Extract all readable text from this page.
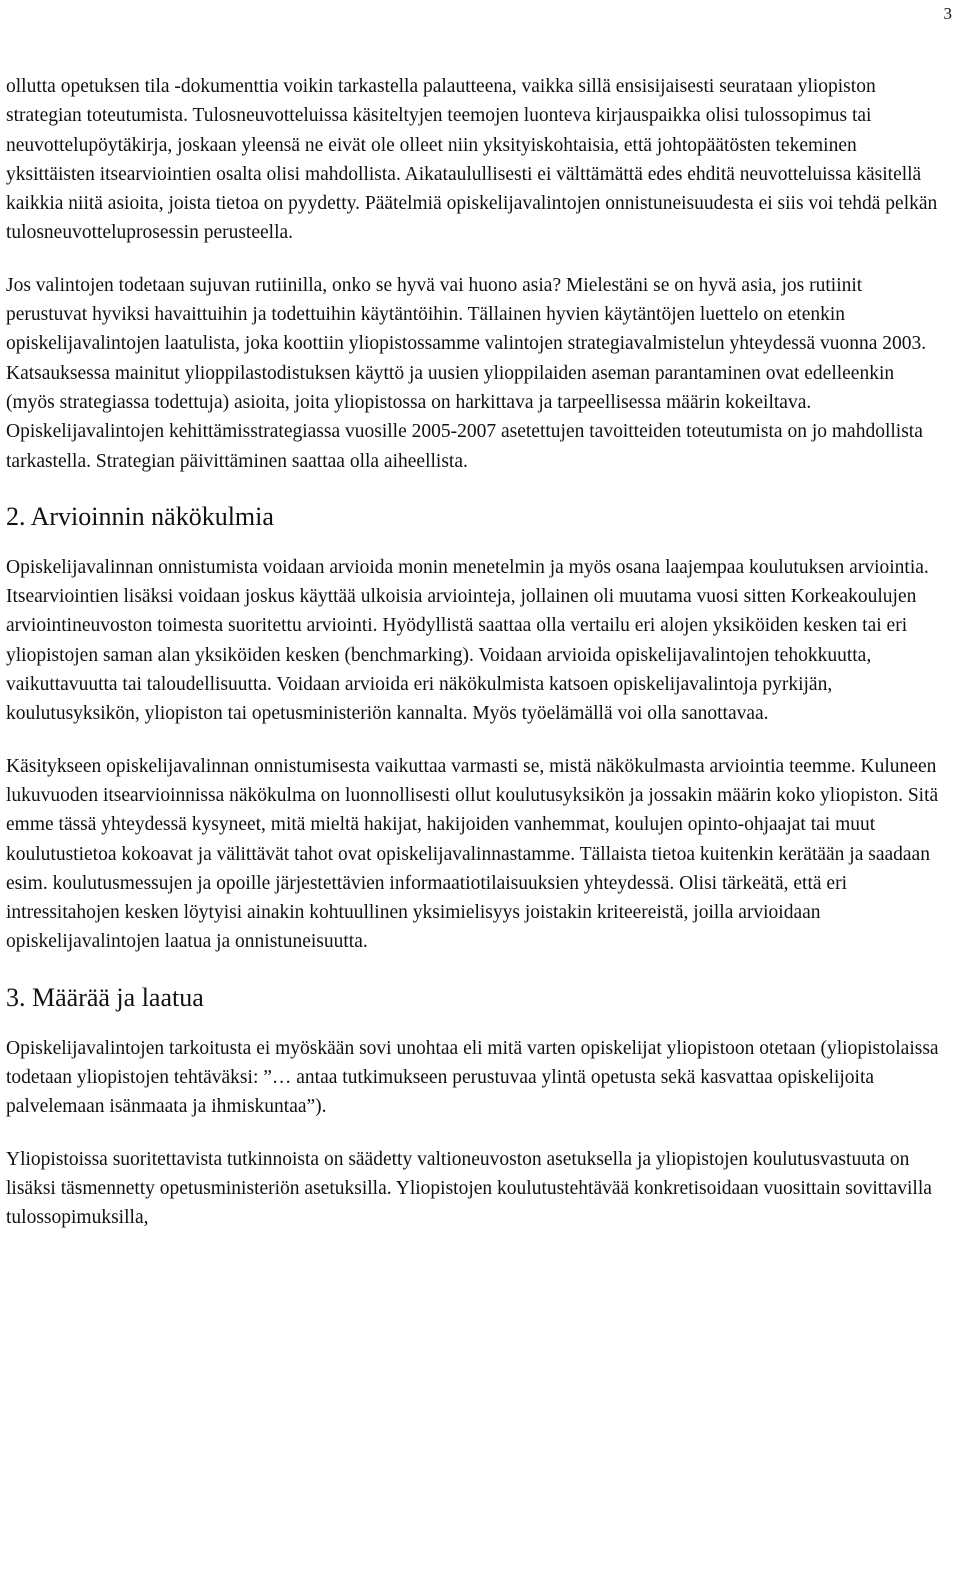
3

ollutta opetuksen tila -dokumenttia voikin tarkastella palautteena, vaikka sillä ensisijaisesti seurataan yliopiston strategian toteutumista. Tulosneuvotteluissa käsiteltyjen teemojen luonteva kirjauspaikka olisi tulossopimus tai neuvottelupöytäkirja, joskaan yleensä ne eivät ole olleet niin yksityiskohtaisia, että johtopäätösten tekeminen yksittäisten itsearviointien osalta olisi mahdollista. Aikataulullisesti ei välttämättä edes ehditä neuvotteluissa käsitellä kaikkia niitä asioita, joista tietoa on pyydetty. Päätelmiä opiskelijavalintojen onnistuneisuudesta ei siis voi tehdä pelkän tulosneuvotteluprosessin perusteella.

Jos valintojen todetaan sujuvan rutiinilla, onko se hyvä vai huono asia? Mielestäni se on hyvä asia, jos rutiinit perustuvat hyviksi havaittuihin ja todettuihin käytäntöihin. Tällainen hyvien käytäntöjen luettelo on etenkin opiskelijavalintojen laatulista, joka koottiin yliopistossamme valintojen strategiavalmistelun yhteydessä vuonna 2003. Katsauksessa mainitut ylioppilastodistuksen käyttö ja uusien ylioppilaiden aseman parantaminen ovat edelleenkin (myös strategiassa todettuja) asioita, joita yliopistossa on harkittava ja tarpeellisessa määrin kokeiltava. Opiskelijavalintojen kehittämisstrategiassa vuosille 2005-2007 asetettujen tavoitteiden toteutumista on jo mahdollista tarkastella. Strategian päivittäminen saattaa olla aiheellista.

2. Arvioinnin näkökulmia

Opiskelijavalinnan onnistumista voidaan arvioida monin menetelmin ja myös osana laajempaa koulutuksen arviointia. Itsearviointien lisäksi voidaan joskus käyttää ulkoisia arviointeja, jollainen oli muutama vuosi sitten Korkeakoulujen arviointineuvoston toimesta suoritettu arviointi. Hyödyllistä saattaa olla vertailu eri alojen yksiköiden kesken tai eri yliopistojen saman alan yksiköiden kesken (benchmarking). Voidaan arvioida opiskelijavalintojen tehokkuutta, vaikuttavuutta tai taloudellisuutta. Voidaan arvioida eri näkökulmista katsoen opiskelijavalintoja pyrkijän, koulutusyksikön, yliopiston tai opetusministeriön kannalta. Myös työelämällä voi olla sanottavaa.

Käsitykseen opiskelijavalinnan onnistumisesta vaikuttaa varmasti se, mistä näkökulmasta arviointia teemme. Kuluneen lukuvuoden itsearvioinnissa näkökulma on luonnollisesti ollut koulutusyksikön ja jossakin määrin koko yliopiston. Sitä emme tässä yhteydessä kysyneet, mitä mieltä hakijat, hakijoiden vanhemmat, koulujen opinto-ohjaajat tai muut koulutustietoa kokoavat ja välittävät tahot ovat opiskelijavalinnastamme. Tällaista tietoa kuitenkin kerätään ja saadaan esim. koulutusmessujen ja opoille järjestettävien informaatiotilaisuuksien yhteydessä. Olisi tärkeätä, että eri intressitahojen kesken löytyisi ainakin kohtuullinen yksimielisyys joistakin kriteereistä, joilla arvioidaan opiskelijavalintojen laatua ja onnistuneisuutta.

3. Määrää ja laatua

Opiskelijavalintojen tarkoitusta ei myöskään sovi unohtaa eli mitä varten opiskelijat yliopistoon otetaan (yliopistolaissa todetaan yliopistojen tehtäväksi: ”… antaa tutkimukseen perustuvaa ylintä opetusta sekä kasvattaa opiskelijoita palvelemaan isänmaata ja ihmiskuntaa”).

Yliopistoissa suoritettavista tutkinnoista on säädetty valtioneuvoston asetuksella ja yliopistojen koulutusvastuuta on lisäksi täsmennetty opetusministeriön asetuksilla. Yliopistojen koulutustehtävää konkretisoidaan vuosittain sovittavilla tulossopimuksilla,
